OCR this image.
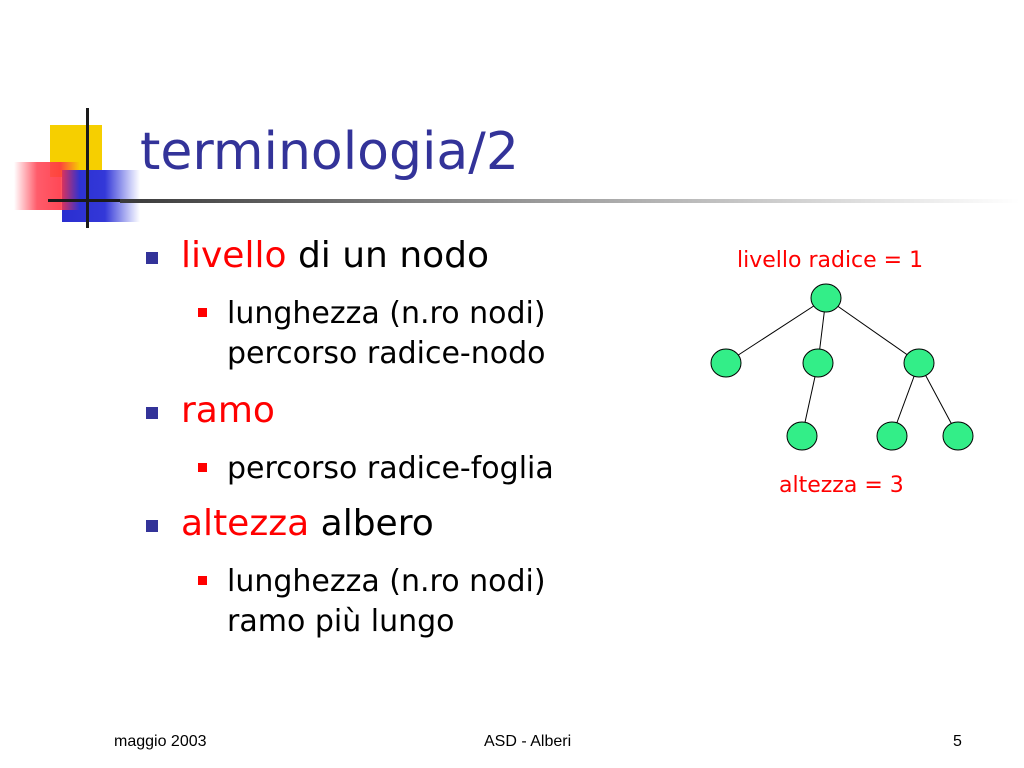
terminologia/2
livello di un nodo
lunghezza (n.ro nodi)
percorso radice-nodo
ramo
percorso radice-foglia
altezza albero
lunghezza (n.ro nodi)
ramo più lungo
livello radice = 1
altezza = 3
maggio 2003	ASD - Alberi	5
